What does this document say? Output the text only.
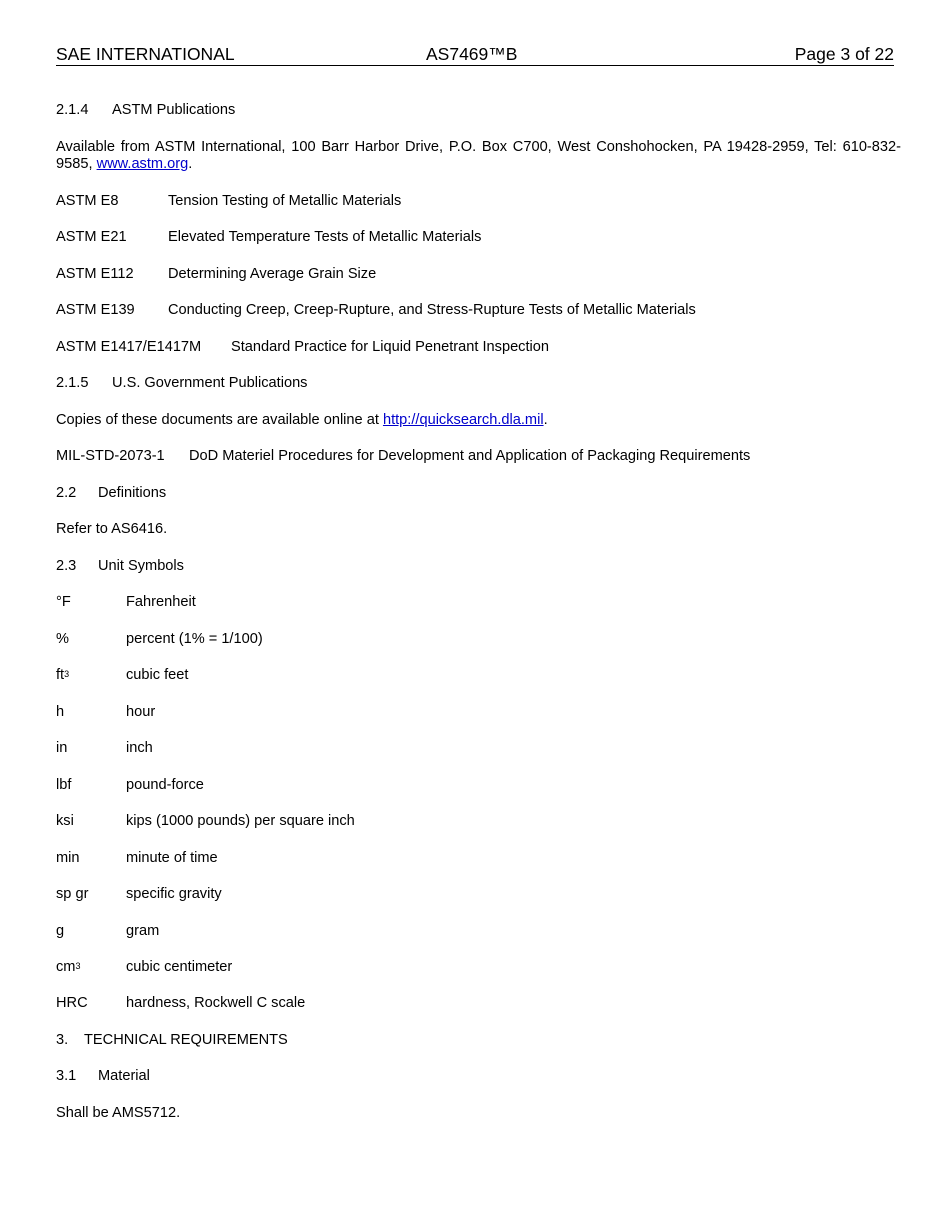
SAE INTERNATIONAL	AS7469™B	Page 3 of 22
2.1.4 ASTM Publications
Available from ASTM International, 100 Barr Harbor Drive, P.O. Box C700, West Conshohocken, PA 19428-2959, Tel: 610-832-9585, www.astm.org.
ASTM E8	Tension Testing of Metallic Materials
ASTM E21	Elevated Temperature Tests of Metallic Materials
ASTM E112 Determining Average Grain Size
ASTM E139 Conducting Creep, Creep-Rupture, and Stress-Rupture Tests of Metallic Materials
ASTM E1417/E1417M Standard Practice for Liquid Penetrant Inspection
2.1.5 U.S. Government Publications
Copies of these documents are available online at http://quicksearch.dla.mil.
MIL-STD-2073-1 DoD Materiel Procedures for Development and Application of Packaging Requirements
2.2 Definitions
Refer to AS6416.
2.3 Unit Symbols
°F	Fahrenheit
%	percent (1% = 1/100)
$ft^3$	cubic feet
h	hour
in	inch
lbf	pound-force
ksi	kips (1000 pounds) per square inch
min	minute of time
sp gr	specific gravity
g	gram
$cm^3$	cubic centimeter
HRC	hardness, Rockwell C scale
3. TECHNICAL REQUIREMENTS
3.1 Material
Shall be AMS5712.
